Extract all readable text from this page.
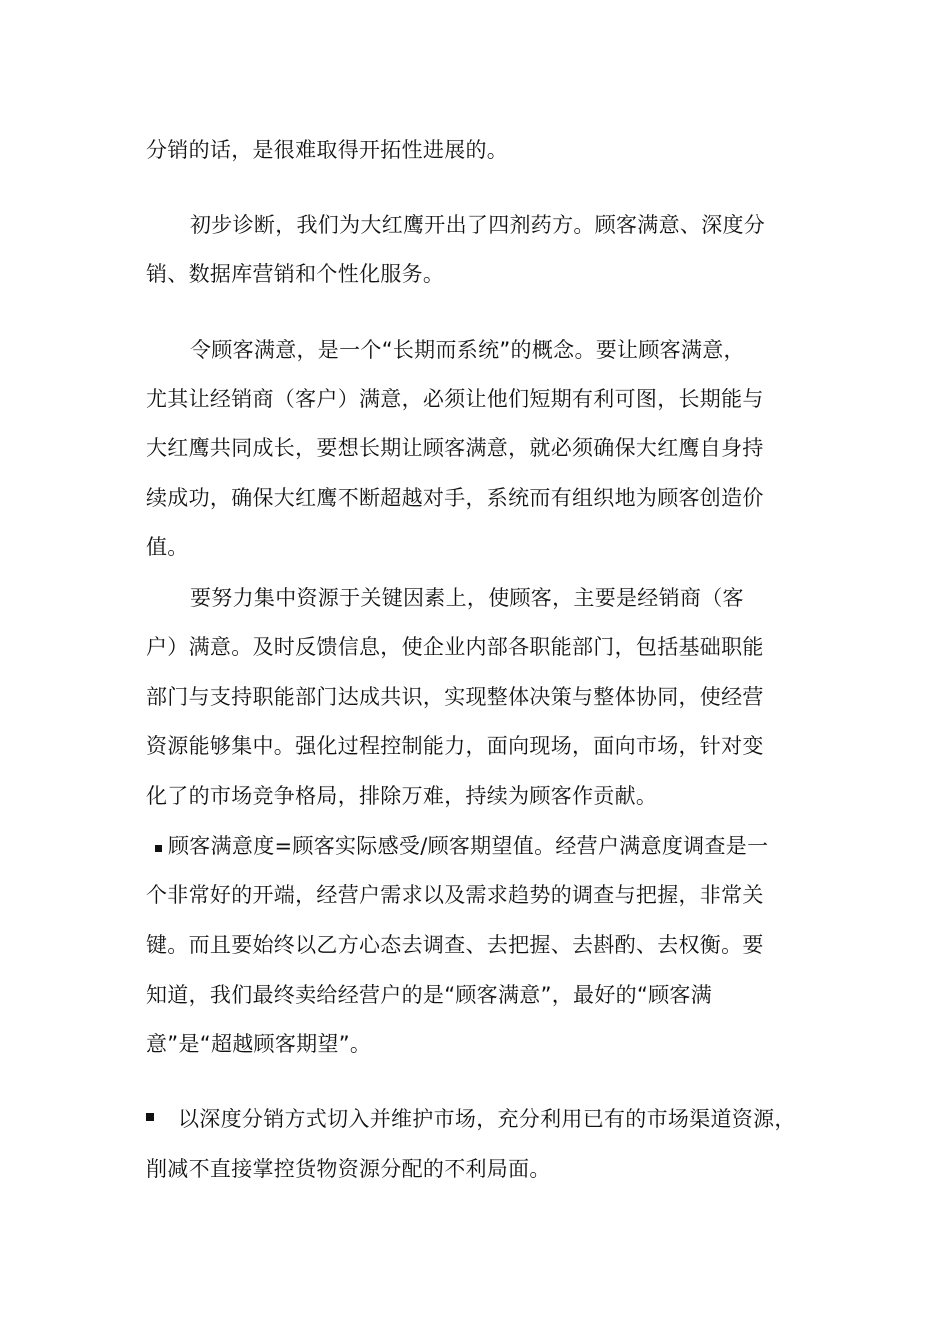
分销的话，是很难取得开拓性进展的。
初步诊断，我们为大红鹰开出了四剂药方。顾客满意、深度分
销、数据库营销和个性化服务。
令顾客满意，是一个“长期而系统”的概念。要让顾客满意，
尤其让经销商（客户）满意，必须让他们短期有利可图，长期能与
大红鹰共同成长，要想长期让顾客满意，就必须确保大红鹰自身持
续成功，确保大红鹰不断超越对手，系统而有组织地为顾客创造价
值。
要努力集中资源于关键因素上，使顾客，主要是经销商（客
户）满意。及时反馈信息，使企业内部各职能部门，包括基础职能
部门与支持职能部门达成共识，实现整体决策与整体协同，使经营
资源能够集中。强化过程控制能力，面向现场，面向市场，针对变
化了的市场竞争格局，排除万难，持续为顾客作贡献。
顾客满意度=顾客实际感受/顾客期望值。经营户满意度调查是一
个非常好的开端，经营户需求以及需求趋势的调查与把握，非常关
键。而且要始终以乙方心态去调查、去把握、去斟酌、去权衡。要
知道，我们最终卖给经营户的是“顾客满意”，最好的“顾客满
意”是“超越顾客期望”。
以深度分销方式切入并维护市场，充分利用已有的市场渠道资源，
削减不直接掌控货物资源分配的不利局面。
